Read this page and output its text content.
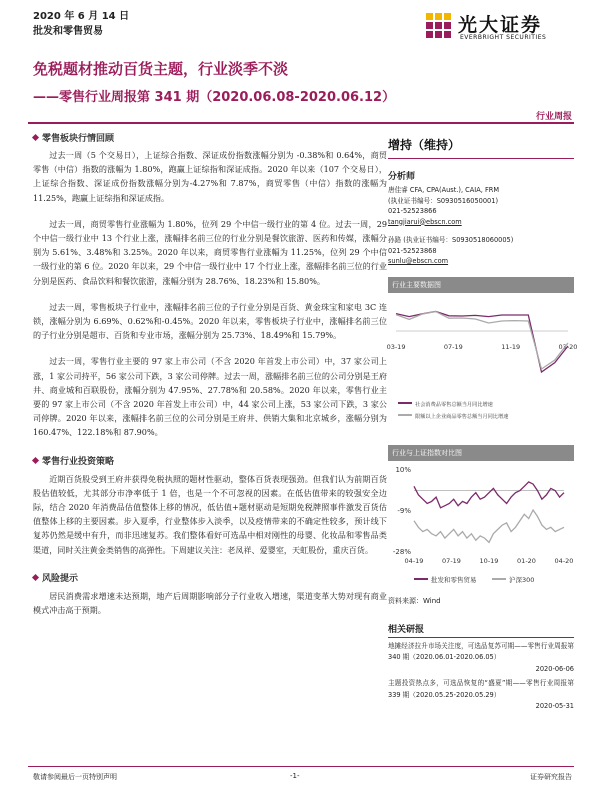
2020 年 6 月 14 日
批发和零售贸易	光大证券
EVERBRIGHT SECURITIES
免税题材推动百货主题，行业淡季不淡
——零售行业周报第 341 期（2020.06.08-2020.06.12）
行业周报
零售板块行情回顾

过去一周（5 个交易日），上证综合指数、深证成份指数涨幅分别为 -0.38%和 0.64%，商贸零售（中信）指数的涨幅为 1.80%，跑赢上证综指和深证成指。2020 年以来（107 个交易日），上证综合指数、深证成份指数涨幅分别为-4.27%和 7.87%，商贸零售（中信）指数的涨幅为 11.25%，跑赢上证综指和深证成指。

过去一周，商贸零售行业涨幅为 1.80%，位列 29 个中信一级行业的第 4 位。过去一周，29 个中信一级行业中 13 个行业上涨，涨幅排名前三位的行业分别是餐饮旅游、医药和传媒，涨幅分别为 5.61%、3.48%和 3.25%。2020 年以来，商贸零售行业涨幅为 11.25%，位列 29 个中信一级行业的第 6 位。2020 年以来，29 个中信一级行业中 17 个行业上涨，涨幅排名前三位的行业分别是医药、食品饮料和餐饮旅游，涨幅分别为 28.76%、18.23%和 15.80%。

过去一周，零售板块子行业中，涨幅排名前三位的子行业分别是百货、黄金珠宝和家电 3C 连锁，涨幅分别为 6.69%、0.62%和-0.45%。2020 年以来，零售板块子行业中，涨幅排名前三位的子行业分别是超市、百货和专业市场，涨幅分别为 25.73%、18.49%和 15.79%。

过去一周，零售行业主要的 97 家上市公司（不含 2020 年首发上市公司）中，37 家公司上涨，1 家公司持平，56 家公司下跌，3 家公司停牌。过去一周，涨幅排名前三位的公司分别是王府井、商业城和百联股份，涨幅分别为 47.95%、27.78%和 20.58%。2020 年以来，零售行业主要的 97 家上市公司（不含 2020 年首发上市公司）中，44 家公司上涨，53 家公司下跌，3 家公司停牌。2020 年以来，涨幅排名前三位的公司分别是王府井、供销大集和北京城乡，涨幅分别为 160.47%、122.18%和 87.90%。

零售行业投资策略

近期百货股受到王府井获得免税执照的题材性驱动，整体百货表现强劲。但我们认为前期百货股估值较低，尤其部分市净率低于 1 倍，也是一个不可忽视的因素。在低估值带来的较强安全边际，结合 2020 年消费品估值整体上移的情况，低估值+题材驱动是短期免税牌照事件激发百货估值整体上移的主要因素。步入夏季，行业整体步入淡季，以及疫情带来的不确定性较多，预计线下复苏仍然是缓中有升，而非迅速复苏。我们整体看好可选品中相对刚性的母婴、化妆品和零售品类渠道，同时关注黄金类销售的高弹性。下周建议关注：老凤祥、爱婴室，天虹股份，重庆百货。

风险提示

居民消费需求增速未达预期，地产后周期影响部分子行业收入增速，渠道变革大势对现有商业模式冲击高于预期。

增持（维持）
分析师
唐佳睿 CFA, CPA(Aust.), CAIA, FRM
(执业证书编号：S0930516050001)
021-52523866
tangjiarui@ebscn.com
孙路 (执业证书编号：S0930518060005)
021-52523868
sunlu@ebscn.com
行业主要数据图
03-19	07-19	11-19	03-20
社会消费品零售总额当月同比增速
限额以上企业商品零售总额当月同比增速
行业与上证指数对比图
10%
-9%
-28%
04-19	07-19	10-19	01-20	04-20
批发和零售贸易	沪深300
资料来源：Wind
相关研报
地摊经济拉升市场关注度，可选品复苏可期——零售行业周报第 340 期（2020.06.01-2020.06.05）
2020-06-06
主题投资热点多，可选品恢复的“盛夏”期——零售行业周报第 339 期（2020.05.25-2020.05.29）
2020-05-31
敬请参阅最后一页特别声明	-1-	证券研究报告
